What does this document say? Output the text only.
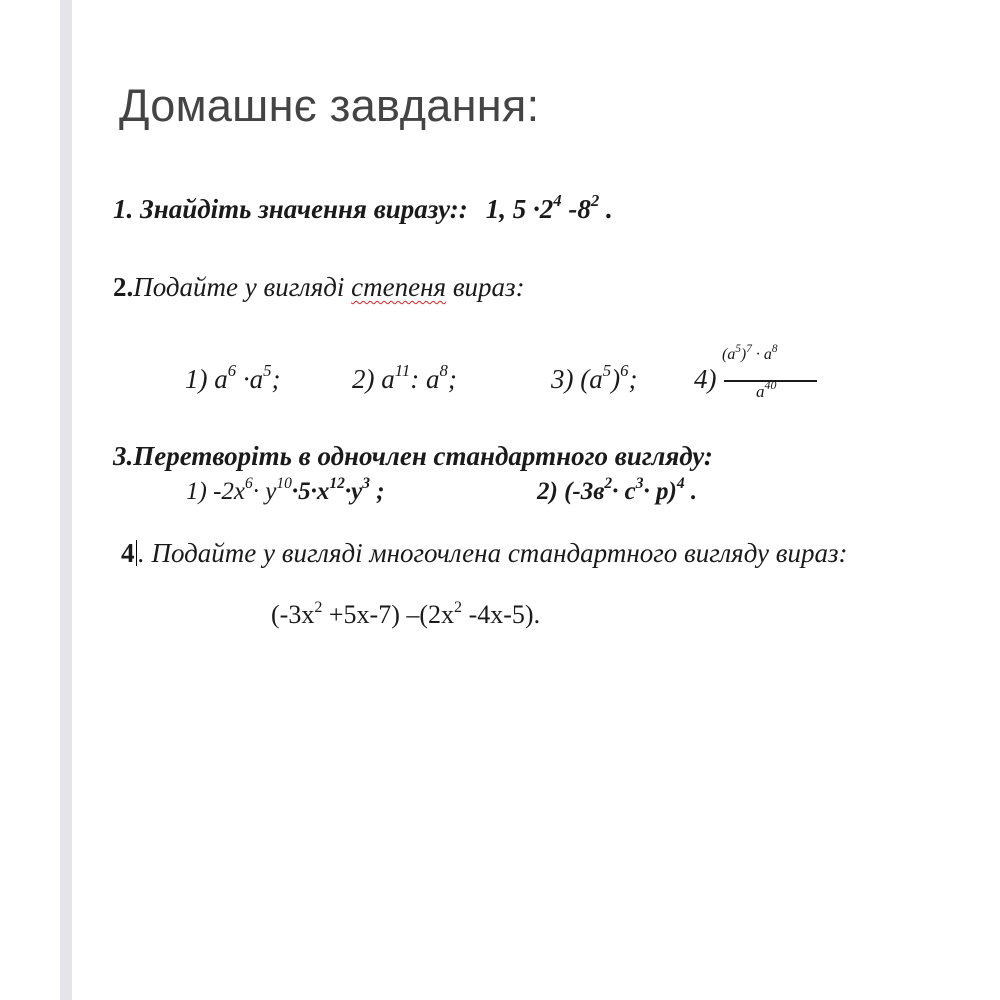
Домашнє завдання:
1. Знайдіть значення виразу:: 1, $5 \cdot 2^4$ $-8^2$ .
2.Подайте у вигляді степеня вираз:
1) $a^6 \cdot a^5$;	2) $a^{11}$: $a^8$;	3) $(a^5)^6$; 4)
$(a^5)^7 \cdot a^8$
$a^{40}$
3.Перетворіть в одночлен стандартного вигляду:
1) $-2x^6\cdot y^{10}\cdot 5\cdot x^{12}\cdot y^3$ ;	2) $(-3в^2\cdot с^3\cdot p)^4$ .
4 . Подайте у вигляді многочлена стандартного вигляду вираз:
$(-3x^2 +5x-7)$ $-(2x^2$ -4x-5).
